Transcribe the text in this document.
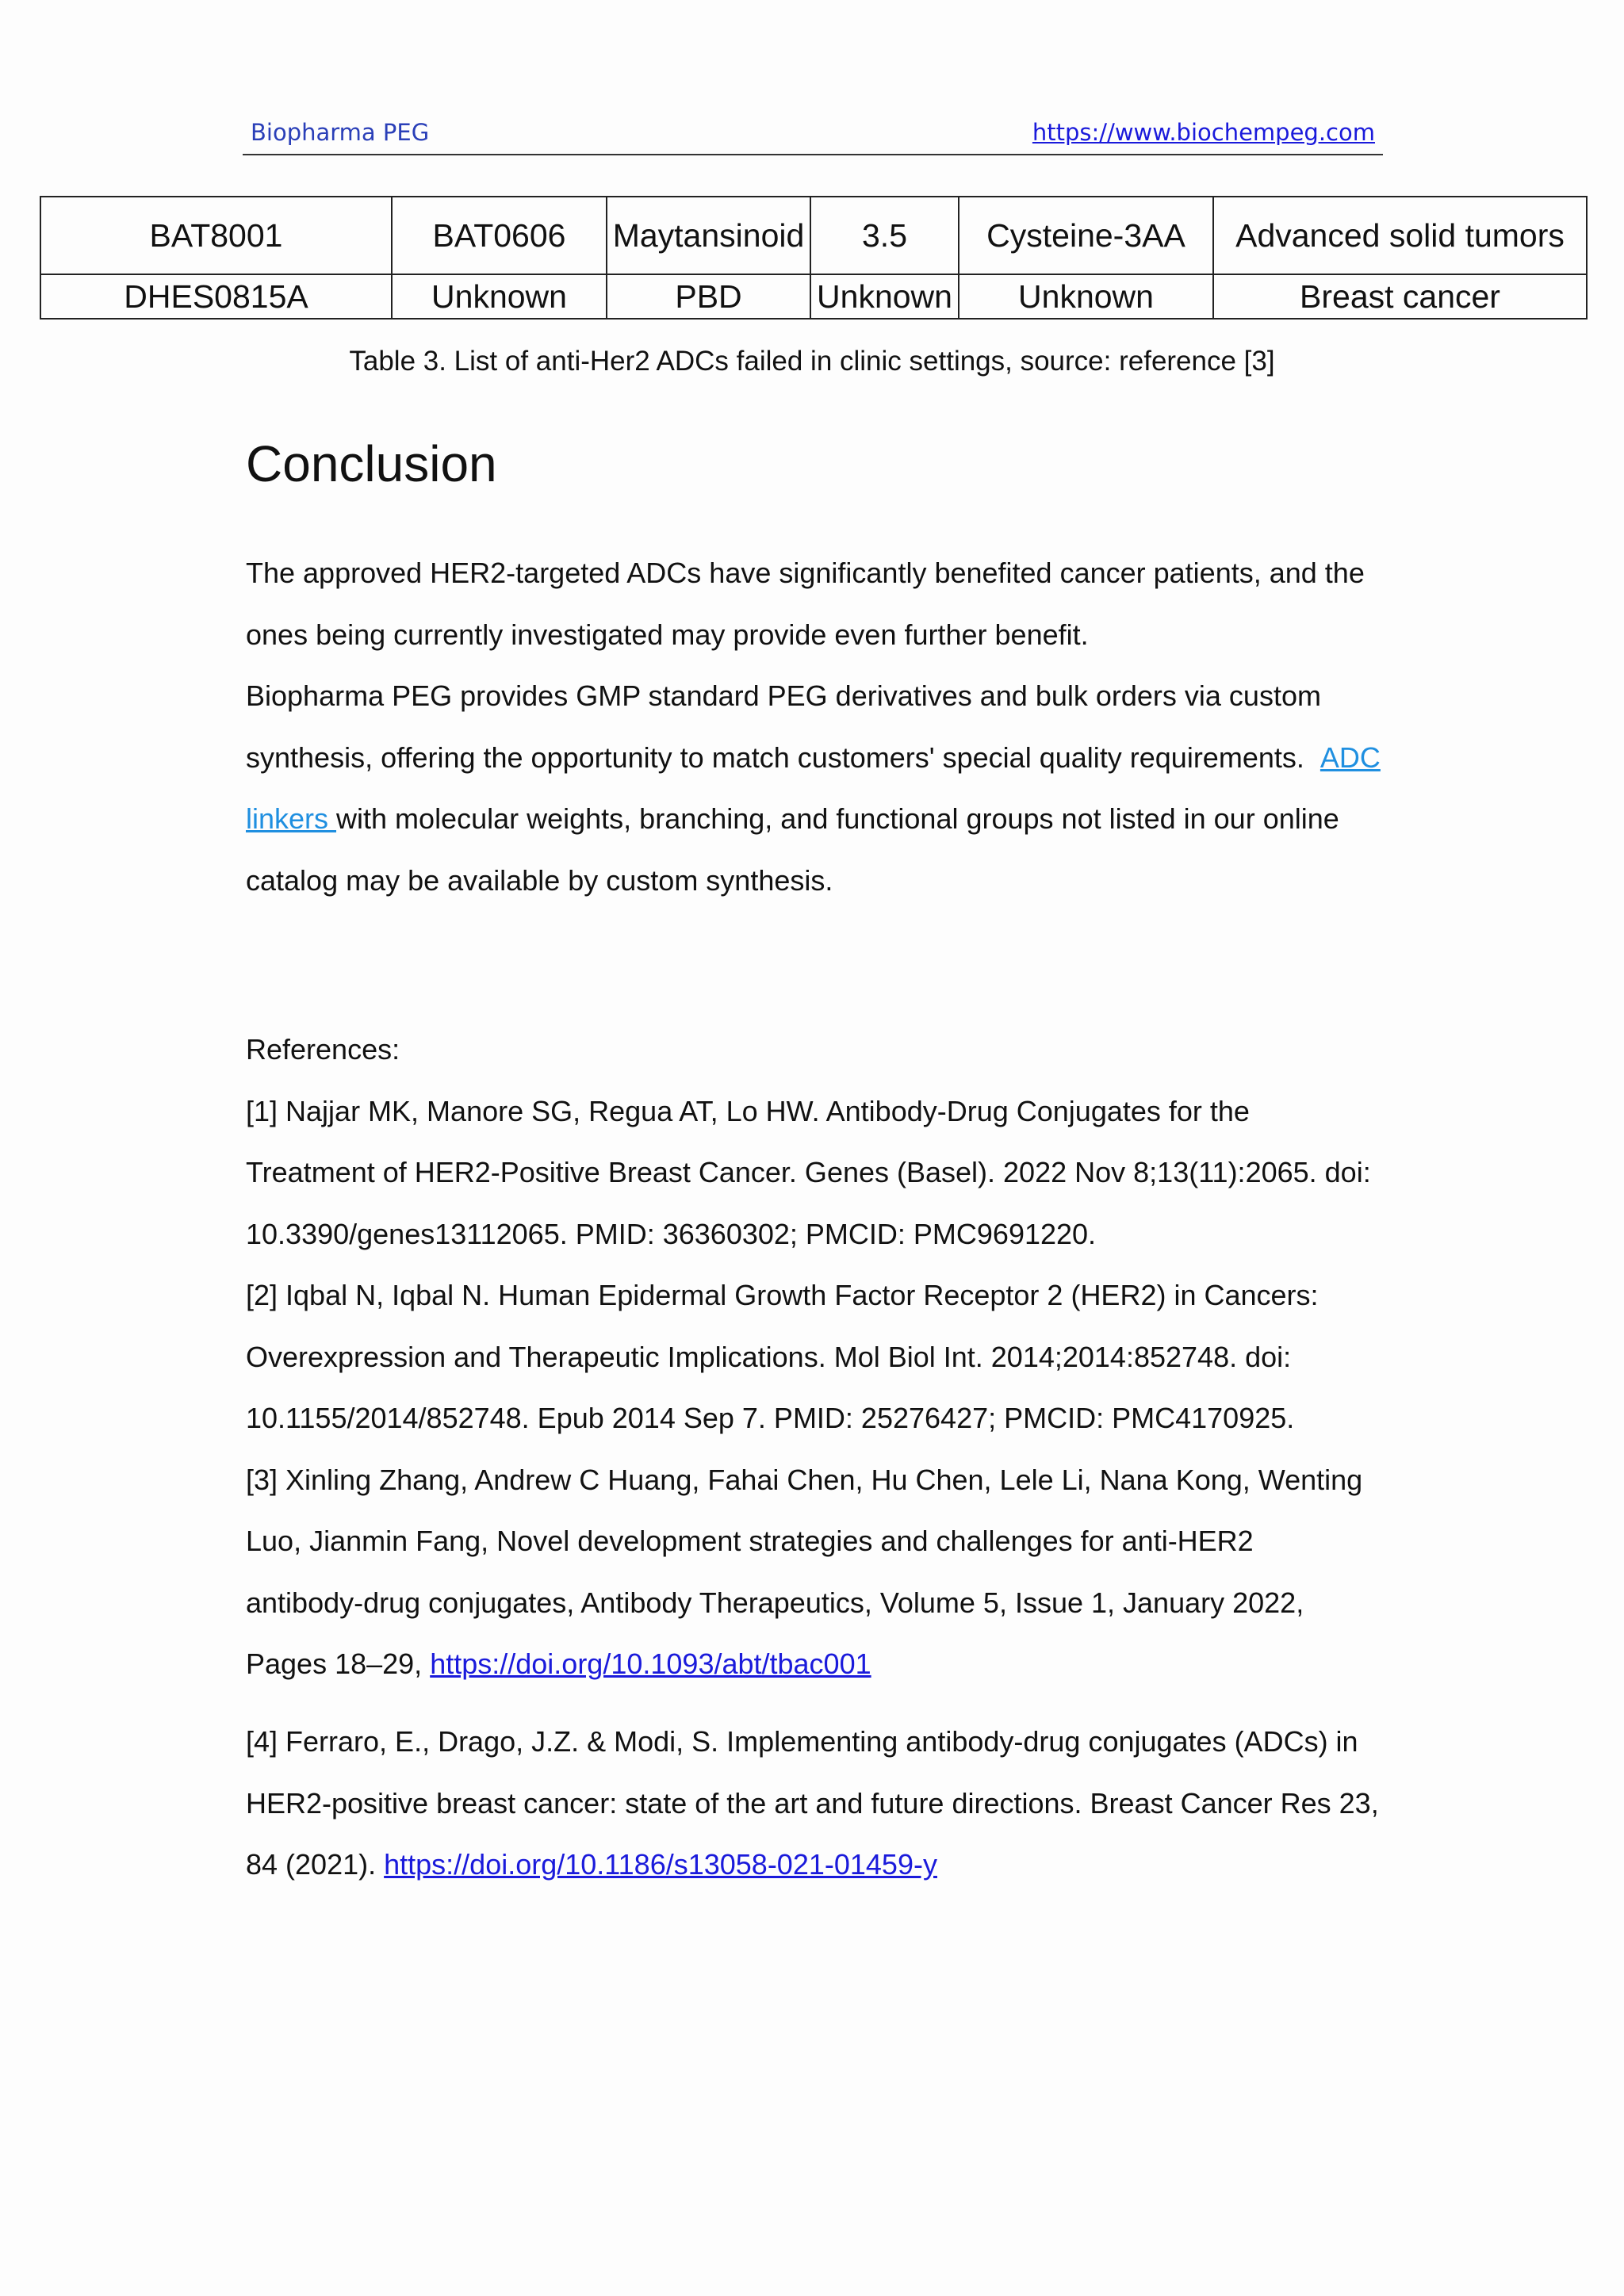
Biopharma PEG	https://www.biochempeg.com
BAT8001	BAT0606	Maytansinoid	3.5	Cysteine-3AA	Advanced solid tumors
DHES0815A	Unknown	PBD	Unknown	Unknown	Breast cancer
Table 3. List of anti-Her2 ADCs failed in clinic settings, source: reference [3]
Conclusion
The approved HER2-targeted ADCs have significantly benefited cancer patients, and the
ones being currently investigated may provide even further benefit.
Biopharma PEG provides GMP standard PEG derivatives and bulk orders via custom
synthesis, offering the opportunity to match customers' special quality requirements. ADC
linkers with molecular weights, branching, and functional groups not listed in our online
catalog may be available by custom synthesis.
References:
[1] Najjar MK, Manore SG, Regua AT, Lo HW. Antibody-Drug Conjugates for the
Treatment of HER2-Positive Breast Cancer. Genes (Basel). 2022 Nov 8;13(11):2065. doi:
10.3390/genes13112065. PMID: 36360302; PMCID: PMC9691220.
[2] Iqbal N, Iqbal N. Human Epidermal Growth Factor Receptor 2 (HER2) in Cancers:
Overexpression and Therapeutic Implications. Mol Biol Int. 2014;2014:852748. doi:
10.1155/2014/852748. Epub 2014 Sep 7. PMID: 25276427; PMCID: PMC4170925.
[3] Xinling Zhang, Andrew C Huang, Fahai Chen, Hu Chen, Lele Li, Nana Kong, Wenting
Luo, Jianmin Fang, Novel development strategies and challenges for anti-HER2
antibody-drug conjugates, Antibody Therapeutics, Volume 5, Issue 1, January 2022,
Pages 18–29, https://doi.org/10.1093/abt/tbac001
[4] Ferraro, E., Drago, J.Z. & Modi, S. Implementing antibody-drug conjugates (ADCs) in
HER2-positive breast cancer: state of the art and future directions. Breast Cancer Res 23,
84 (2021). https://doi.org/10.1186/s13058-021-01459-y
